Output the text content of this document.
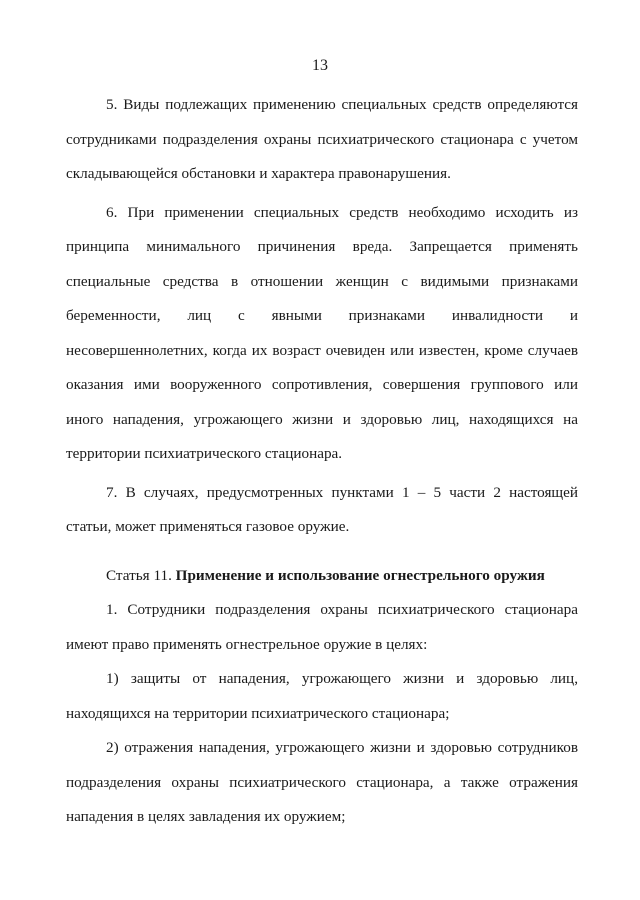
13

5. Виды подлежащих применению специальных средств определяются сотрудниками подразделения охраны психиатрического стационара с учетом складывающейся обстановки и характера правонарушения.

6. При применении специальных средств необходимо исходить из принципа минимального причинения вреда. Запрещается применять специальные средства в отношении женщин с видимыми признаками беременности, лиц с явными признаками инвалидности и несовершеннолетних, когда их возраст очевиден или известен, кроме случаев оказания ими вооруженного сопротивления, совершения группового или иного нападения, угрожающего жизни и здоровью лиц, находящихся на территории психиатрического стационара.

7. В случаях, предусмотренных пунктами 1 – 5 части 2 настоящей статьи, может применяться газовое оружие.

Статья 11. Применение и использование огнестрельного оружия

1. Сотрудники подразделения охраны психиатрического стационара имеют право применять огнестрельное оружие в целях:

1) защиты от нападения, угрожающего жизни и здоровью лиц, находящихся на территории психиатрического стационара;

2) отражения нападения, угрожающего жизни и здоровью сотрудников подразделения охраны психиатрического стационара, а также отражения нападения в целях завладения их оружием;
